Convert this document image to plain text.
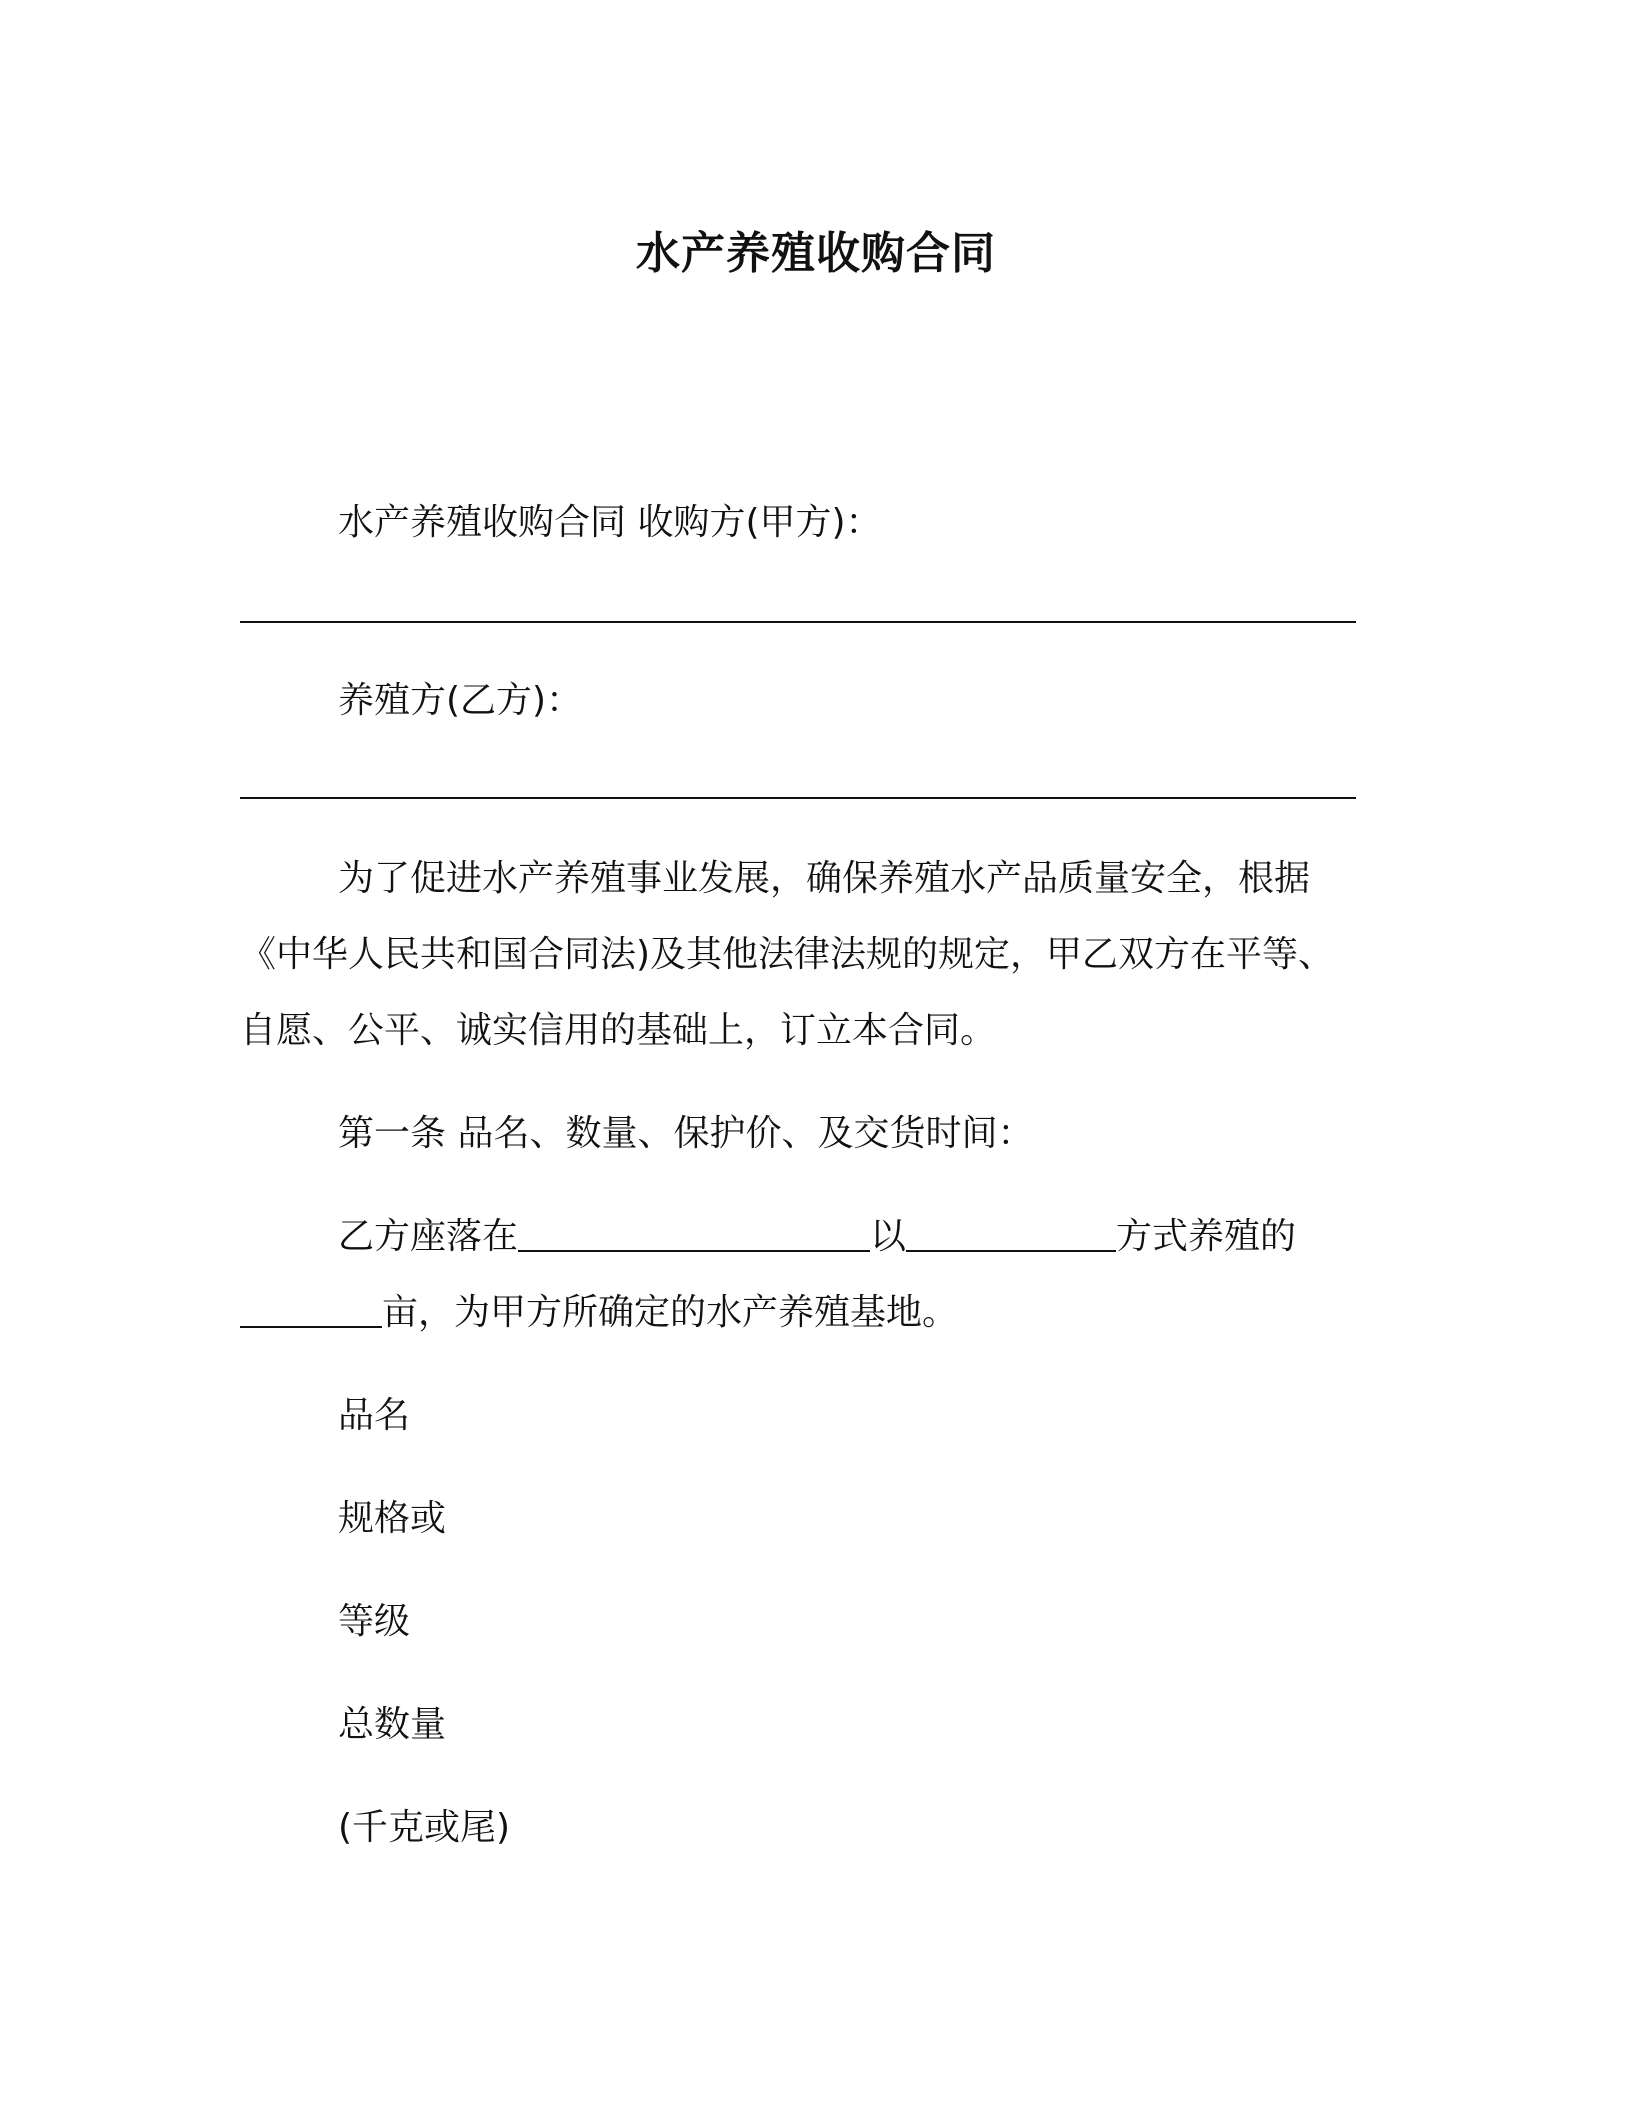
水产养殖收购合同
水产养殖收购合同 收购方(甲方)：
养殖方(乙方)：
为了促进水产养殖事业发展，确保养殖水产品质量安全，根据
《中华人民共和国合同法)及其他法律法规的规定，甲乙双方在平等、
自愿、公平、诚实信用的基础上，订立本合同。
第一条 品名、数量、保护价、及交货时间：
乙方座落在	以	方式养殖的
亩，为甲方所确定的水产养殖基地。
品名
规格或
等级
总数量
(千克或尾)
